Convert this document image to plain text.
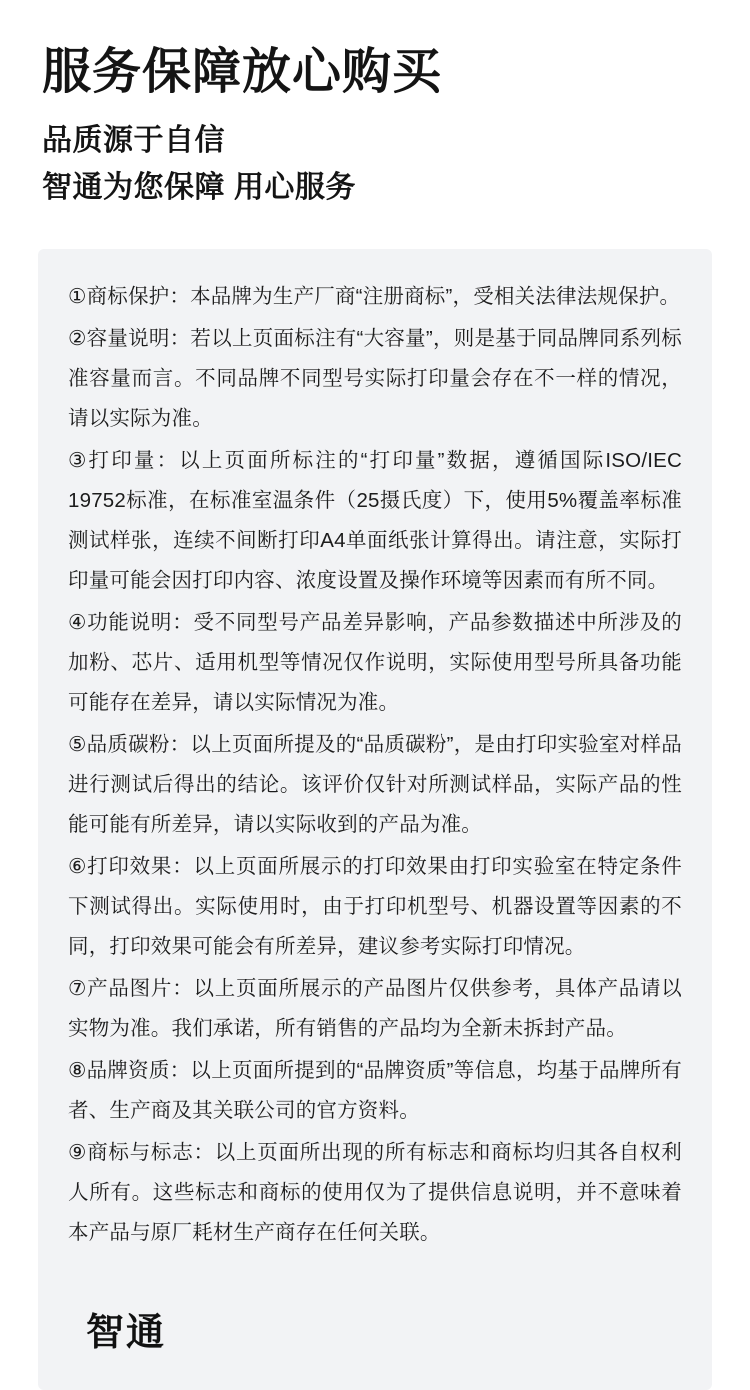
服务保障放心购买
品质源于自信
智通为您保障 用心服务

①商标保护：本品牌为生产厂商“注册商标”，受相关法律法规保护。

②容量说明：若以上页面标注有“大容量”，则是基于同品牌同系列标准容量而言。不同品牌不同型号实际打印量会存在不一样的情况，请以实际为准。

③打印量：以上页面所标注的“打印量”数据，遵循国际ISO/IEC 19752标准，在标准室温条件（25摄氏度）下，使用5%覆盖率标准测试样张，连续不间断打印A4单面纸张计算得出。请注意，实际打印量可能会因打印内容、浓度设置及操作环境等因素而有所不同。

④功能说明：受不同型号产品差异影响，产品参数描述中所涉及的加粉、芯片、适用机型等情况仅作说明，实际使用型号所具备功能可能存在差异，请以实际情况为准。

⑤品质碳粉：以上页面所提及的“品质碳粉”，是由打印实验室对样品进行测试后得出的结论。该评价仅针对所测试样品，实际产品的性能可能有所差异，请以实际收到的产品为准。

⑥打印效果：以上页面所展示的打印效果由打印实验室在特定条件下测试得出。实际使用时，由于打印机型号、机器设置等因素的不同，打印效果可能会有所差异，建议参考实际打印情况。

⑦产品图片：以上页面所展示的产品图片仅供参考，具体产品请以实物为准。我们承诺，所有销售的产品均为全新未拆封产品。

⑧品牌资质：以上页面所提到的“品牌资质”等信息，均基于品牌所有者、生产商及其关联公司的官方资料。

⑨商标与标志：以上页面所出现的所有标志和商标均归其各自权利人所有。这些标志和商标的使用仅为了提供信息说明，并不意味着本产品与原厂耗材生产商存在任何关联。

智通
